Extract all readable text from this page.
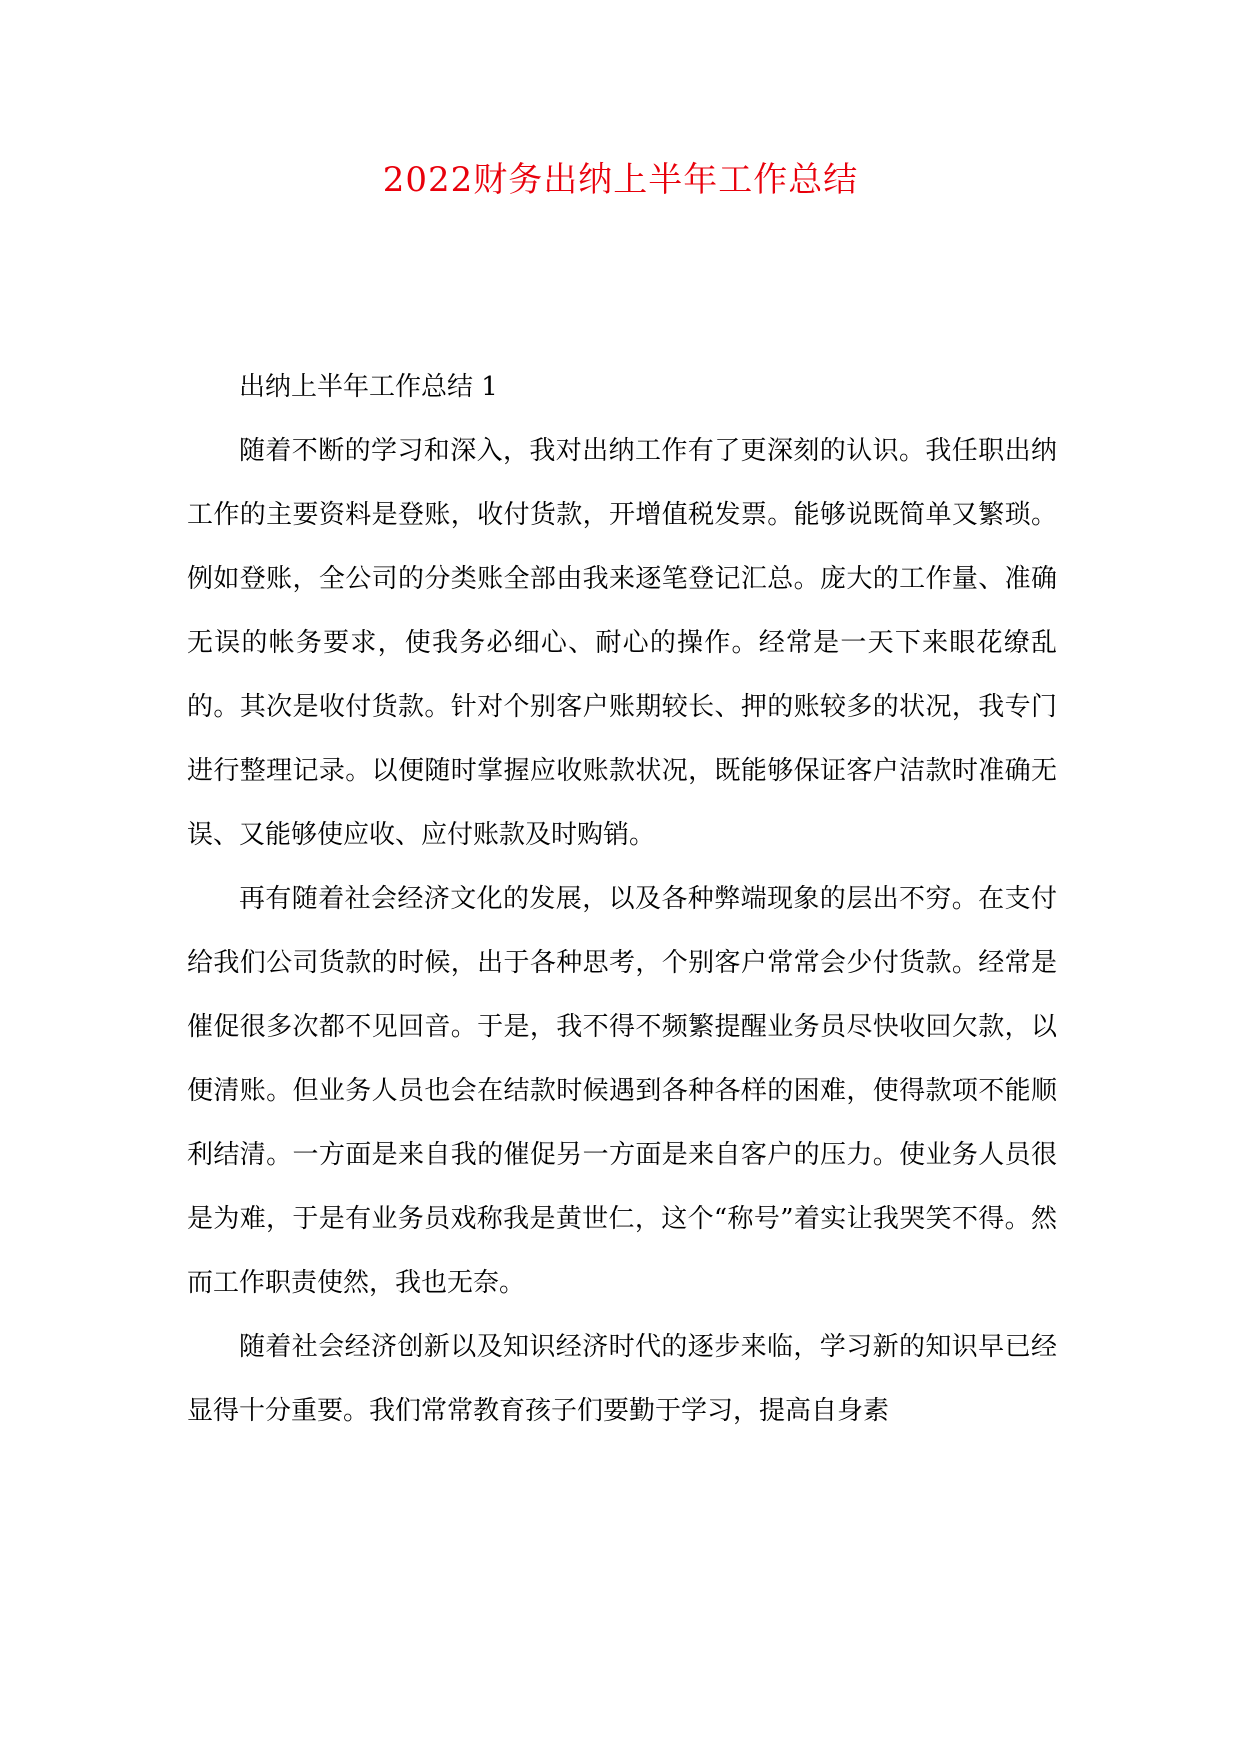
2022财务出纳上半年工作总结

出纳上半年工作总结 1

随着不断的学习和深入，我对出纳工作有了更深刻的认识。我任职出纳工作的主要资料是登账，收付货款，开增值税发票。能够说既简单又繁琐。例如登账，全公司的分类账全部由我来逐笔登记汇总。庞大的工作量、准确无误的帐务要求，使我务必细心、耐心的操作。经常是一天下来眼花缭乱的。其次是收付货款。针对个别客户账期较长、押的账较多的状况，我专门进行整理记录。以便随时掌握应收账款状况，既能够保证客户洁款时准确无误、又能够使应收、应付账款及时购销。

再有随着社会经济文化的发展，以及各种弊端现象的层出不穷。在支付给我们公司货款的时候，出于各种思考，个别客户常常会少付货款。经常是催促很多次都不见回音。于是，我不得不频繁提醒业务员尽快收回欠款，以便清账。但业务人员也会在结款时候遇到各种各样的困难，使得款项不能顺利结清。一方面是来自我的催促另一方面是来自客户的压力。使业务人员很是为难，于是有业务员戏称我是黄世仁，这个“称号”着实让我哭笑不得。然而工作职责使然，我也无奈。

随着社会经济创新以及知识经济时代的逐步来临，学习新的知识早已经显得十分重要。我们常常教育孩子们要勤于学习，提高自身素
